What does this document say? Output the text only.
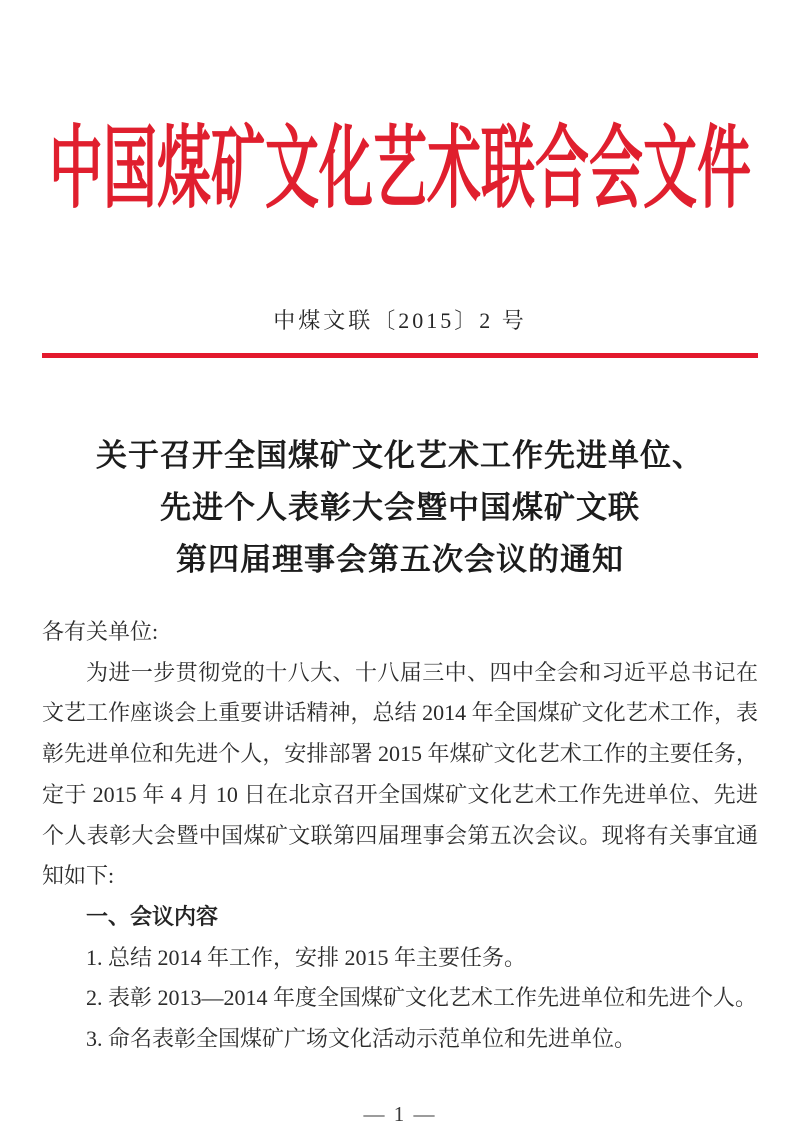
中国煤矿文化艺术联合会文件
中煤文联〔2015〕2 号
关于召开全国煤矿文化艺术工作先进单位、
先进个人表彰大会暨中国煤矿文联
第四届理事会第五次会议的通知

各有关单位:

为进一步贯彻党的十八大、十八届三中、四中全会和习近平总书记在文艺工作座谈会上重要讲话精神，总结 2014 年全国煤矿文化艺术工作，表彰先进单位和先进个人，安排部署 2015 年煤矿文化艺术工作的主要任务，定于 2015 年 4 月 10 日在北京召开全国煤矿文化艺术工作先进单位、先进个人表彰大会暨中国煤矿文联第四届理事会第五次会议。现将有关事宜通知如下:

一、会议内容

1. 总结 2014 年工作，安排 2015 年主要任务。

2. 表彰 2013—2014 年度全国煤矿文化艺术工作先进单位和先进个人。

3. 命名表彰全国煤矿广场文化活动示范单位和先进单位。

— 1 —
